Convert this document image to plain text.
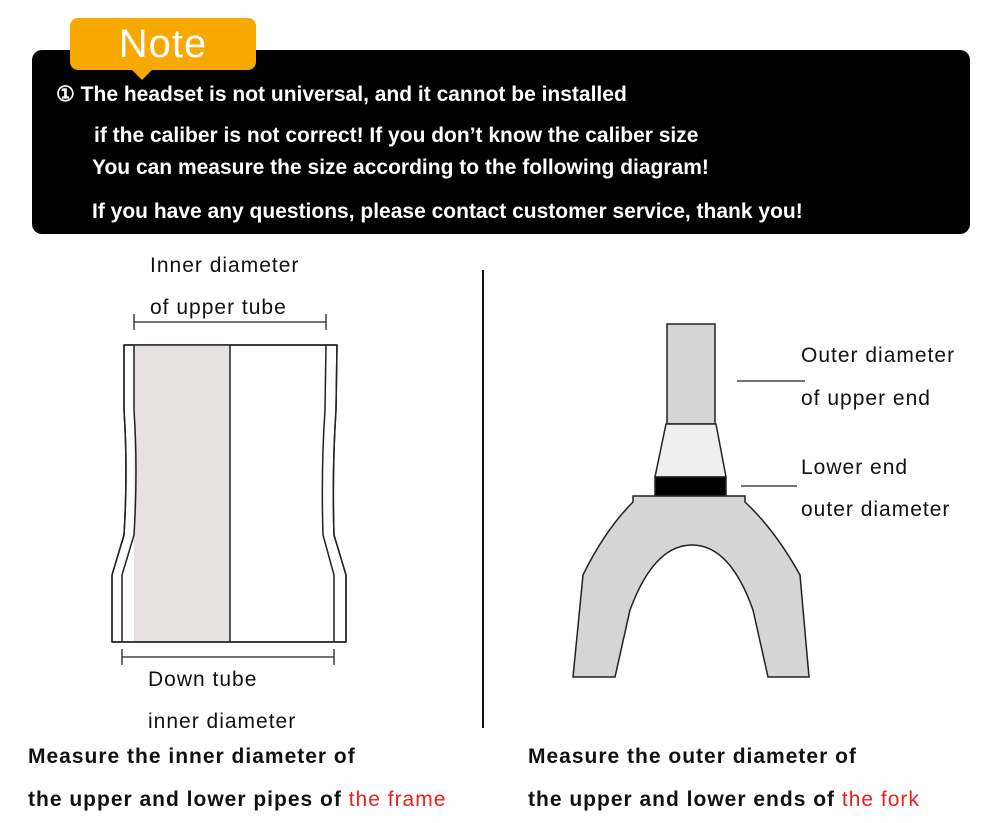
Note
① The headset is not universal, and it cannot be installed
if the caliber is not correct! If you don’t know the caliber size
You can measure the size according to the following diagram!
If you have any questions, please contact customer service, thank you!
Inner diameter
of upper tube
Down tube
inner diameter
Outer diameter
of upper end
Lower end
outer diameter
Measure the inner diameter of
the upper and lower pipes of the frame
Measure the outer diameter of
the upper and lower ends of the fork
